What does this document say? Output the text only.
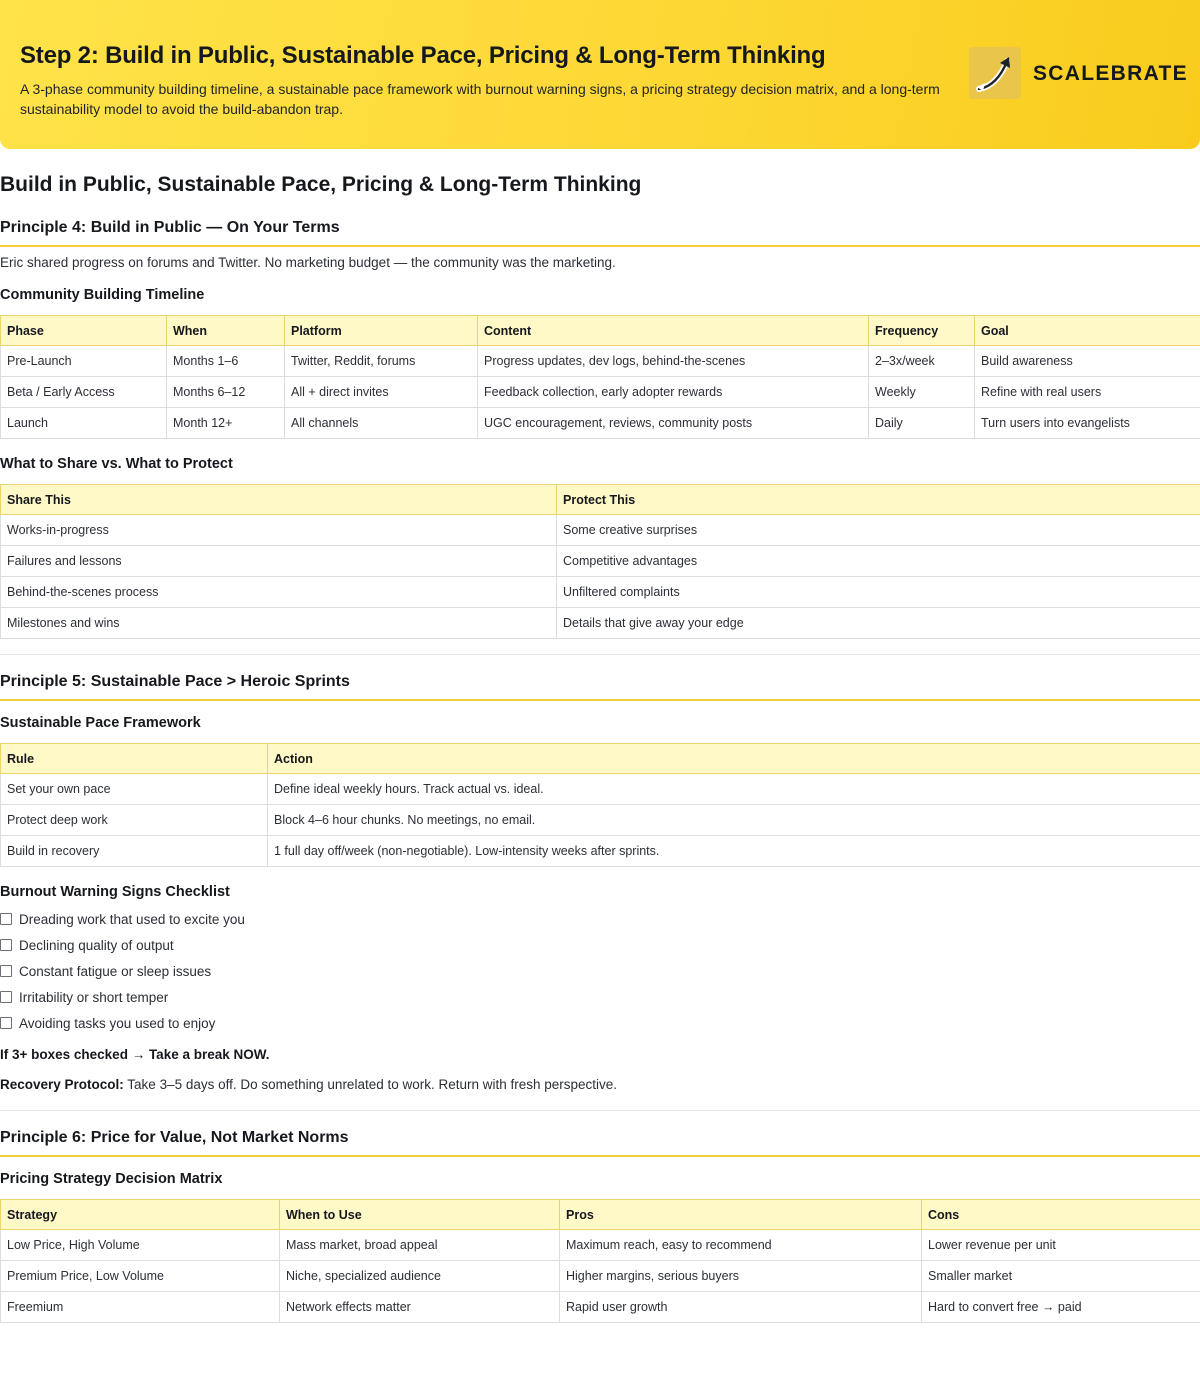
Step 2: Build in Public, Sustainable Pace, Pricing & Long-Term Thinking

A 3-phase community building timeline, a sustainable pace framework with burnout warning signs, a pricing strategy decision matrix, and a long-term sustainability model to avoid the build-abandon trap.

SCALEBRATE
Build in Public, Sustainable Pace, Pricing & Long-Term Thinking
Principle 4: Build in Public — On Your Terms

Eric shared progress on forums and Twitter. No marketing budget — the community was the marketing.

Community Building Timeline
Phase	When	Platform	Content	Frequency	Goal
Pre-Launch	Months 1–6	Twitter, Reddit, forums	Progress updates, dev logs, behind-the-scenes	2–3x/week	Build awareness
Beta / Early Access	Months 6–12	All + direct invites	Feedback collection, early adopter rewards	Weekly	Refine with real users
Launch	Month 12+	All channels	UGC encouragement, reviews, community posts	Daily	Turn users into evangelists
What to Share vs. What to Protect
Share This	Protect This
Works-in-progress	Some creative surprises
Failures and lessons	Competitive advantages
Behind-the-scenes process	Unfiltered complaints
Milestones and wins	Details that give away your edge
Principle 5: Sustainable Pace > Heroic Sprints
Sustainable Pace Framework
Rule	Action
Set your own pace	Define ideal weekly hours. Track actual vs. ideal.
Protect deep work	Block 4–6 hour chunks. No meetings, no email.
Build in recovery	1 full day off/week (non-negotiable). Low-intensity weeks after sprints.
Burnout Warning Signs Checklist
Dreading work that used to excite you
Declining quality of output
Constant fatigue or sleep issues
Irritability or short temper
Avoiding tasks you used to enjoy

If 3+ boxes checked → Take a break NOW.

Recovery Protocol: Take 3–5 days off. Do something unrelated to work. Return with fresh perspective.

Principle 6: Price for Value, Not Market Norms
Pricing Strategy Decision Matrix
Strategy	When to Use	Pros	Cons
Low Price, High Volume	Mass market, broad appeal	Maximum reach, easy to recommend	Lower revenue per unit
Premium Price, Low Volume	Niche, specialized audience	Higher margins, serious buyers	Smaller market
Freemium	Network effects matter	Rapid user growth	Hard to convert free → paid
